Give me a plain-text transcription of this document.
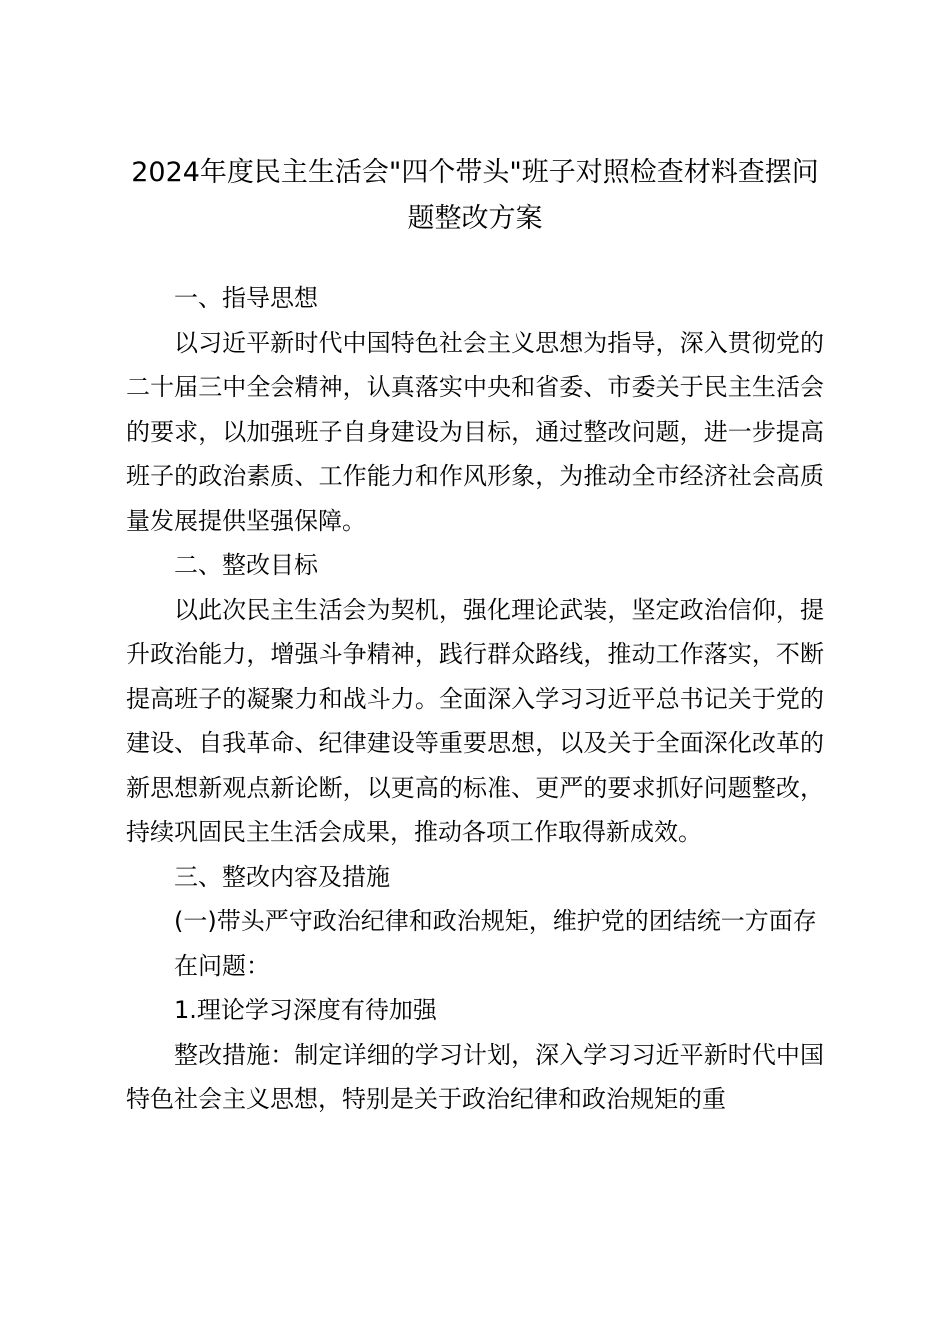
2024年度民主生活会"四个带头"班子对照检查材料查摆问题整改方案

一、指导思想

以习近平新时代中国特色社会主义思想为指导，深入贯彻党的二十届三中全会精神，认真落实中央和省委、市委关于民主生活会的要求，以加强班子自身建设为目标，通过整改问题，进一步提高班子的政治素质、工作能力和作风形象，为推动全市经济社会高质量发展提供坚强保障。

二、整改目标

以此次民主生活会为契机，强化理论武装，坚定政治信仰，提升政治能力，增强斗争精神，践行群众路线，推动工作落实，不断提高班子的凝聚力和战斗力。全面深入学习习近平总书记关于党的建设、自我革命、纪律建设等重要思想，以及关于全面深化改革的新思想新观点新论断，以更高的标准、更严的要求抓好问题整改，持续巩固民主生活会成果，推动各项工作取得新成效。

三、整改内容及措施

(一)带头严守政治纪律和政治规矩，维护党的团结统一方面存在问题：

1.理论学习深度有待加强

整改措施：制定详细的学习计划，深入学习习近平新时代中国特色社会主义思想，特别是关于政治纪律和政治规矩的重
